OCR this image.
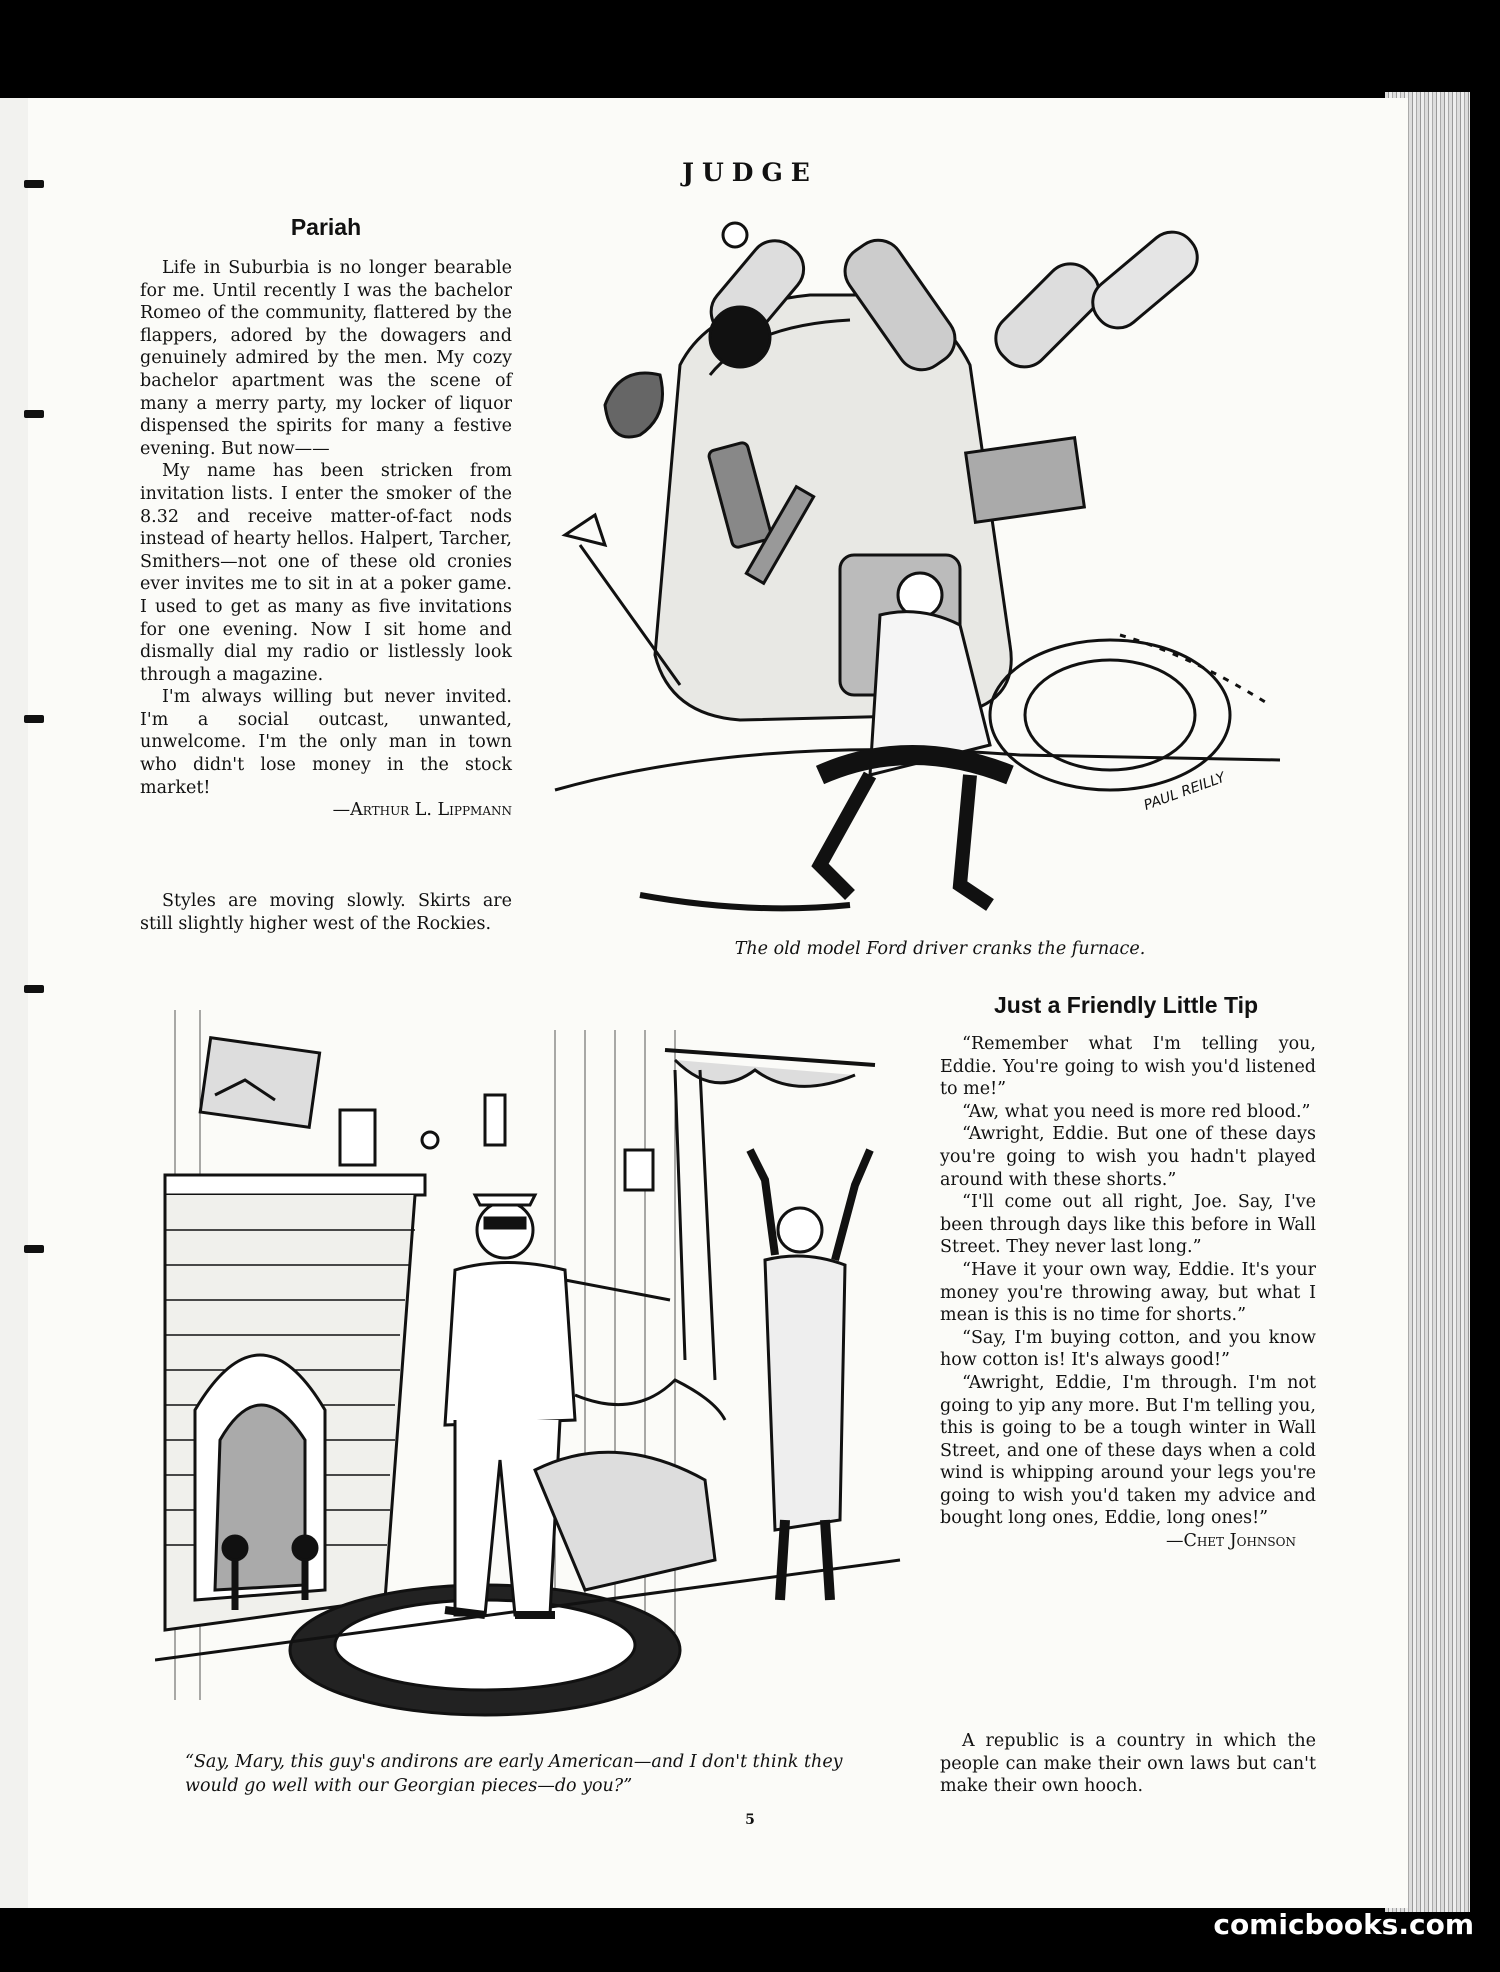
JUDGE
Pariah

Life in Suburbia is no longer bearable for me. Until recently I was the bachelor Romeo of the community, flattered by the flappers, adored by the dowagers and genuinely admired by the men. My cozy bachelor apartment was the scene of many a merry party, my locker of liquor dispensed the spirits for many a festive evening. But now——

My name has been stricken from invitation lists. I enter the smoker of the 8.32 and receive matter-of-fact nods instead of hearty hellos. Halpert, Tarcher, Smithers—not one of these old cronies ever invites me to sit in at a poker game. I used to get as many as five invitations for one evening. Now I sit home and dismally dial my radio or listlessly look through a magazine.

I'm always willing but never invited. I'm a social outcast, unwanted, unwelcome. I'm the only man in town who didn't lose money in the stock market!

—Arthur L. Lippmann

Styles are moving slowly. Skirts are still slightly higher west of the Rockies.

PAUL REILLY
The old model Ford driver cranks the furnace.
“Say, Mary, this guy's andirons are early American—and I don't think they would go well with our Georgian pieces—do you?”
Just a Friendly Little Tip

“Remember what I'm telling you, Eddie. You're going to wish you'd listened to me!”

“Aw, what you need is more red blood.”

“Awright, Eddie. But one of these days you're going to wish you hadn't played around with these shorts.”

“I'll come out all right, Joe. Say, I've been through days like this before in Wall Street. They never last long.”

“Have it your own way, Eddie. It's your money you're throwing away, but what I mean is this is no time for shorts.”

“Say, I'm buying cotton, and you know how cotton is! It's always good!”

“Awright, Eddie, I'm through. I'm not going to yip any more. But I'm telling you, this is going to be a tough winter in Wall Street, and one of these days when a cold wind is whipping around your legs you're going to wish you'd taken my advice and bought long ones, Eddie, long ones!”

—Chet Johnson

A republic is a country in which the people can make their own laws but can't make their own hooch.

5
comicbooks.com
